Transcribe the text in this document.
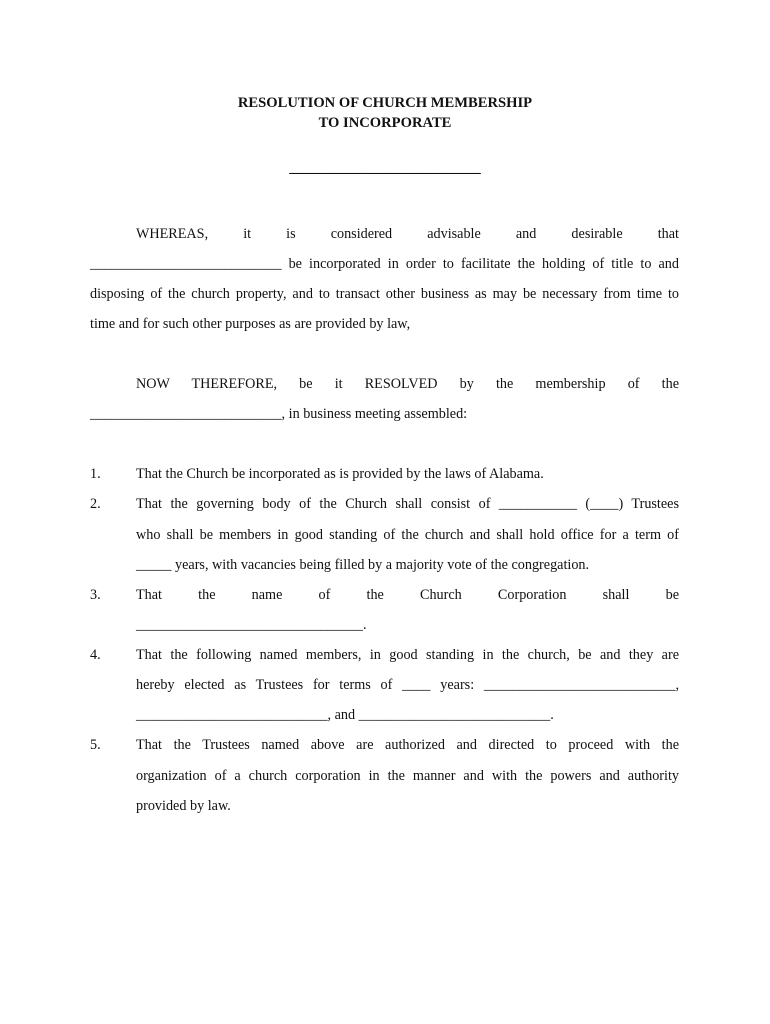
RESOLUTION OF CHURCH MEMBERSHIP
TO INCORPORATE
___________________________
WHEREAS, it is considered advisable and desirable that
___________________________ be incorporated in order to facilitate the holding of title to and
disposing of the church property, and to transact other business as may be necessary from time to
time and for such other purposes as are provided by law,
NOW THEREFORE, be it RESOLVED by the membership of the
___________________________, in business meeting assembled:
1.	That the Church be incorporated as is provided by the laws of Alabama.
2.	That the governing body of the Church shall consist of ___________ (____) Trustees
who shall be members in good standing of the church and shall hold office for a term of
_____ years, with vacancies being filled by a majority vote of the congregation.
3.	That the name of the Church Corporation shall be
________________________________.
4.	That the following named members, in good standing in the church, be and they are
hereby elected as Trustees for terms of ____ years: ___________________________,
___________________________, and ___________________________.
5.	That the Trustees named above are authorized and directed to proceed with the
organization of a church corporation in the manner and with the powers and authority
provided by law.
